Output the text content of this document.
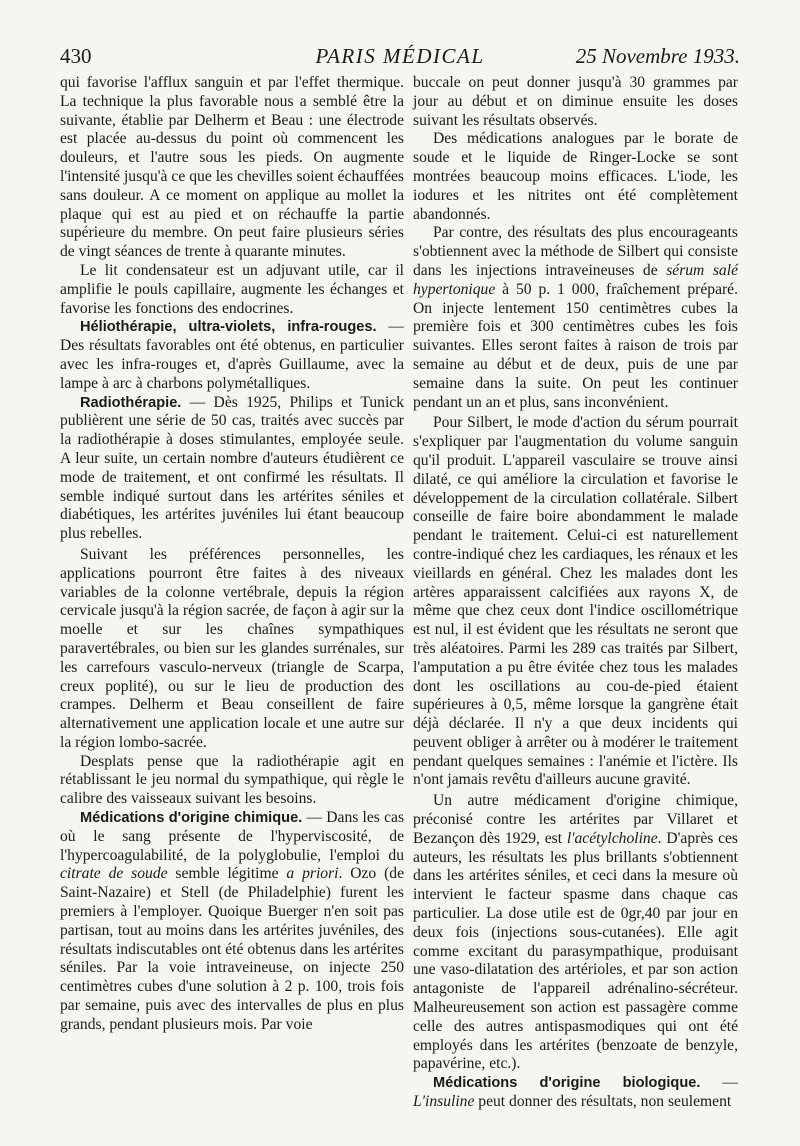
430	PARIS MÉDICAL	25 Novembre 1933.

qui favorise l'afflux sanguin et par l'effet thermique. La technique la plus favorable nous a semblé être la suivante, établie par Delherm et Beau : une électrode est placée au-dessus du point où commencent les douleurs, et l'autre sous les pieds. On augmente l'intensité jusqu'à ce que les chevilles soient échauffées sans douleur. A ce moment on applique au mollet la plaque qui est au pied et on réchauffe la partie supérieure du membre. On peut faire plusieurs séries de vingt séances de trente à quarante minutes.

Le lit condensateur est un adjuvant utile, car il amplifie le pouls capillaire, augmente les échanges et favorise les fonctions des endocrines.

Héliothérapie, ultra-violets, infra-rouges. — Des résultats favorables ont été obtenus, en particulier avec les infra-rouges et, d'après Guillaume, avec la lampe à arc à charbons polymétalliques.

Radiothérapie. — Dès 1925, Philips et Tunick publièrent une série de 50 cas, traités avec succès par la radiothérapie à doses stimulantes, employée seule. A leur suite, un certain nombre d'auteurs étudièrent ce mode de traitement, et ont confirmé les résultats. Il semble indiqué surtout dans les artérites séniles et diabétiques, les artérites juvéniles lui étant beaucoup plus rebelles.

Suivant les préférences personnelles, les applications pourront être faites à des niveaux variables de la colonne vertébrale, depuis la région cervicale jusqu'à la région sacrée, de façon à agir sur la moelle et sur les chaînes sympathiques paravertébrales, ou bien sur les glandes surrénales, sur les carrefours vasculo-nerveux (triangle de Scarpa, creux poplité), ou sur le lieu de production des crampes. Delherm et Beau conseillent de faire alternativement une application locale et une autre sur la région lombo-sacrée.

Desplats pense que la radiothérapie agit en rétablissant le jeu normal du sympathique, qui règle le calibre des vaisseaux suivant les besoins.

Médications d'origine chimique. — Dans les cas où le sang présente de l'hyperviscosité, de l'hypercoagulabilité, de la polyglobulie, l'emploi du citrate de soude semble légitime a priori. Ozo (de Saint-Nazaire) et Stell (de Philadelphie) furent les premiers à l'employer. Quoique Buerger n'en soit pas partisan, tout au moins dans les artérites juvéniles, des résultats indiscutables ont été obtenus dans les artérites séniles. Par la voie intraveineuse, on injecte 250 centimètres cubes d'une solution à 2 p. 100, trois fois par semaine, puis avec des intervalles de plus en plus grands, pendant plusieurs mois. Par voie

buccale on peut donner jusqu'à 30 grammes par jour au début et on diminue ensuite les doses suivant les résultats observés.

Des médications analogues par le borate de soude et le liquide de Ringer-Locke se sont montrées beaucoup moins efficaces. L'iode, les iodures et les nitrites ont été complètement abandonnés.

Par contre, des résultats des plus encourageants s'obtiennent avec la méthode de Silbert qui consiste dans les injections intraveineuses de sérum salé hypertonique à 50 p. 1 000, fraîchement préparé. On injecte lentement 150 centimètres cubes la première fois et 300 centimètres cubes les fois suivantes. Elles seront faites à raison de trois par semaine au début et de deux, puis de une par semaine dans la suite. On peut les continuer pendant un an et plus, sans inconvénient.

Pour Silbert, le mode d'action du sérum pourrait s'expliquer par l'augmentation du volume sanguin qu'il produit. L'appareil vasculaire se trouve ainsi dilaté, ce qui améliore la circulation et favorise le développement de la circulation collatérale. Silbert conseille de faire boire abondamment le malade pendant le traitement. Celui-ci est naturellement contre-indiqué chez les cardiaques, les rénaux et les vieillards en général. Chez les malades dont les artères apparaissent calcifiées aux rayons X, de même que chez ceux dont l'indice oscillométrique est nul, il est évident que les résultats ne seront que très aléatoires. Parmi les 289 cas traités par Silbert, l'amputation a pu être évitée chez tous les malades dont les oscillations au cou-de-pied étaient supérieures à 0,5, même lorsque la gangrène était déjà déclarée. Il n'y a que deux incidents qui peuvent obliger à arrêter ou à modérer le traitement pendant quelques semaines : l'anémie et l'ictère. Ils n'ont jamais revêtu d'ailleurs aucune gravité.

Un autre médicament d'origine chimique, préconisé contre les artérites par Villaret et Bezançon dès 1929, est l'acétylcholine. D'après ces auteurs, les résultats les plus brillants s'obtiennent dans les artérites séniles, et ceci dans la mesure où intervient le facteur spasme dans chaque cas particulier. La dose utile est de 0gr,40 par jour en deux fois (injections sous-cutanées). Elle agit comme excitant du parasympathique, produisant une vaso-dilatation des artérioles, et par son action antagoniste de l'appareil adrénalino-sécréteur. Malheureusement son action est passagère comme celle des autres antispasmodiques qui ont été employés dans les artérites (benzoate de benzyle, papavérine, etc.).

Médications d'origine biologique. — L'insuline peut donner des résultats, non seulement
